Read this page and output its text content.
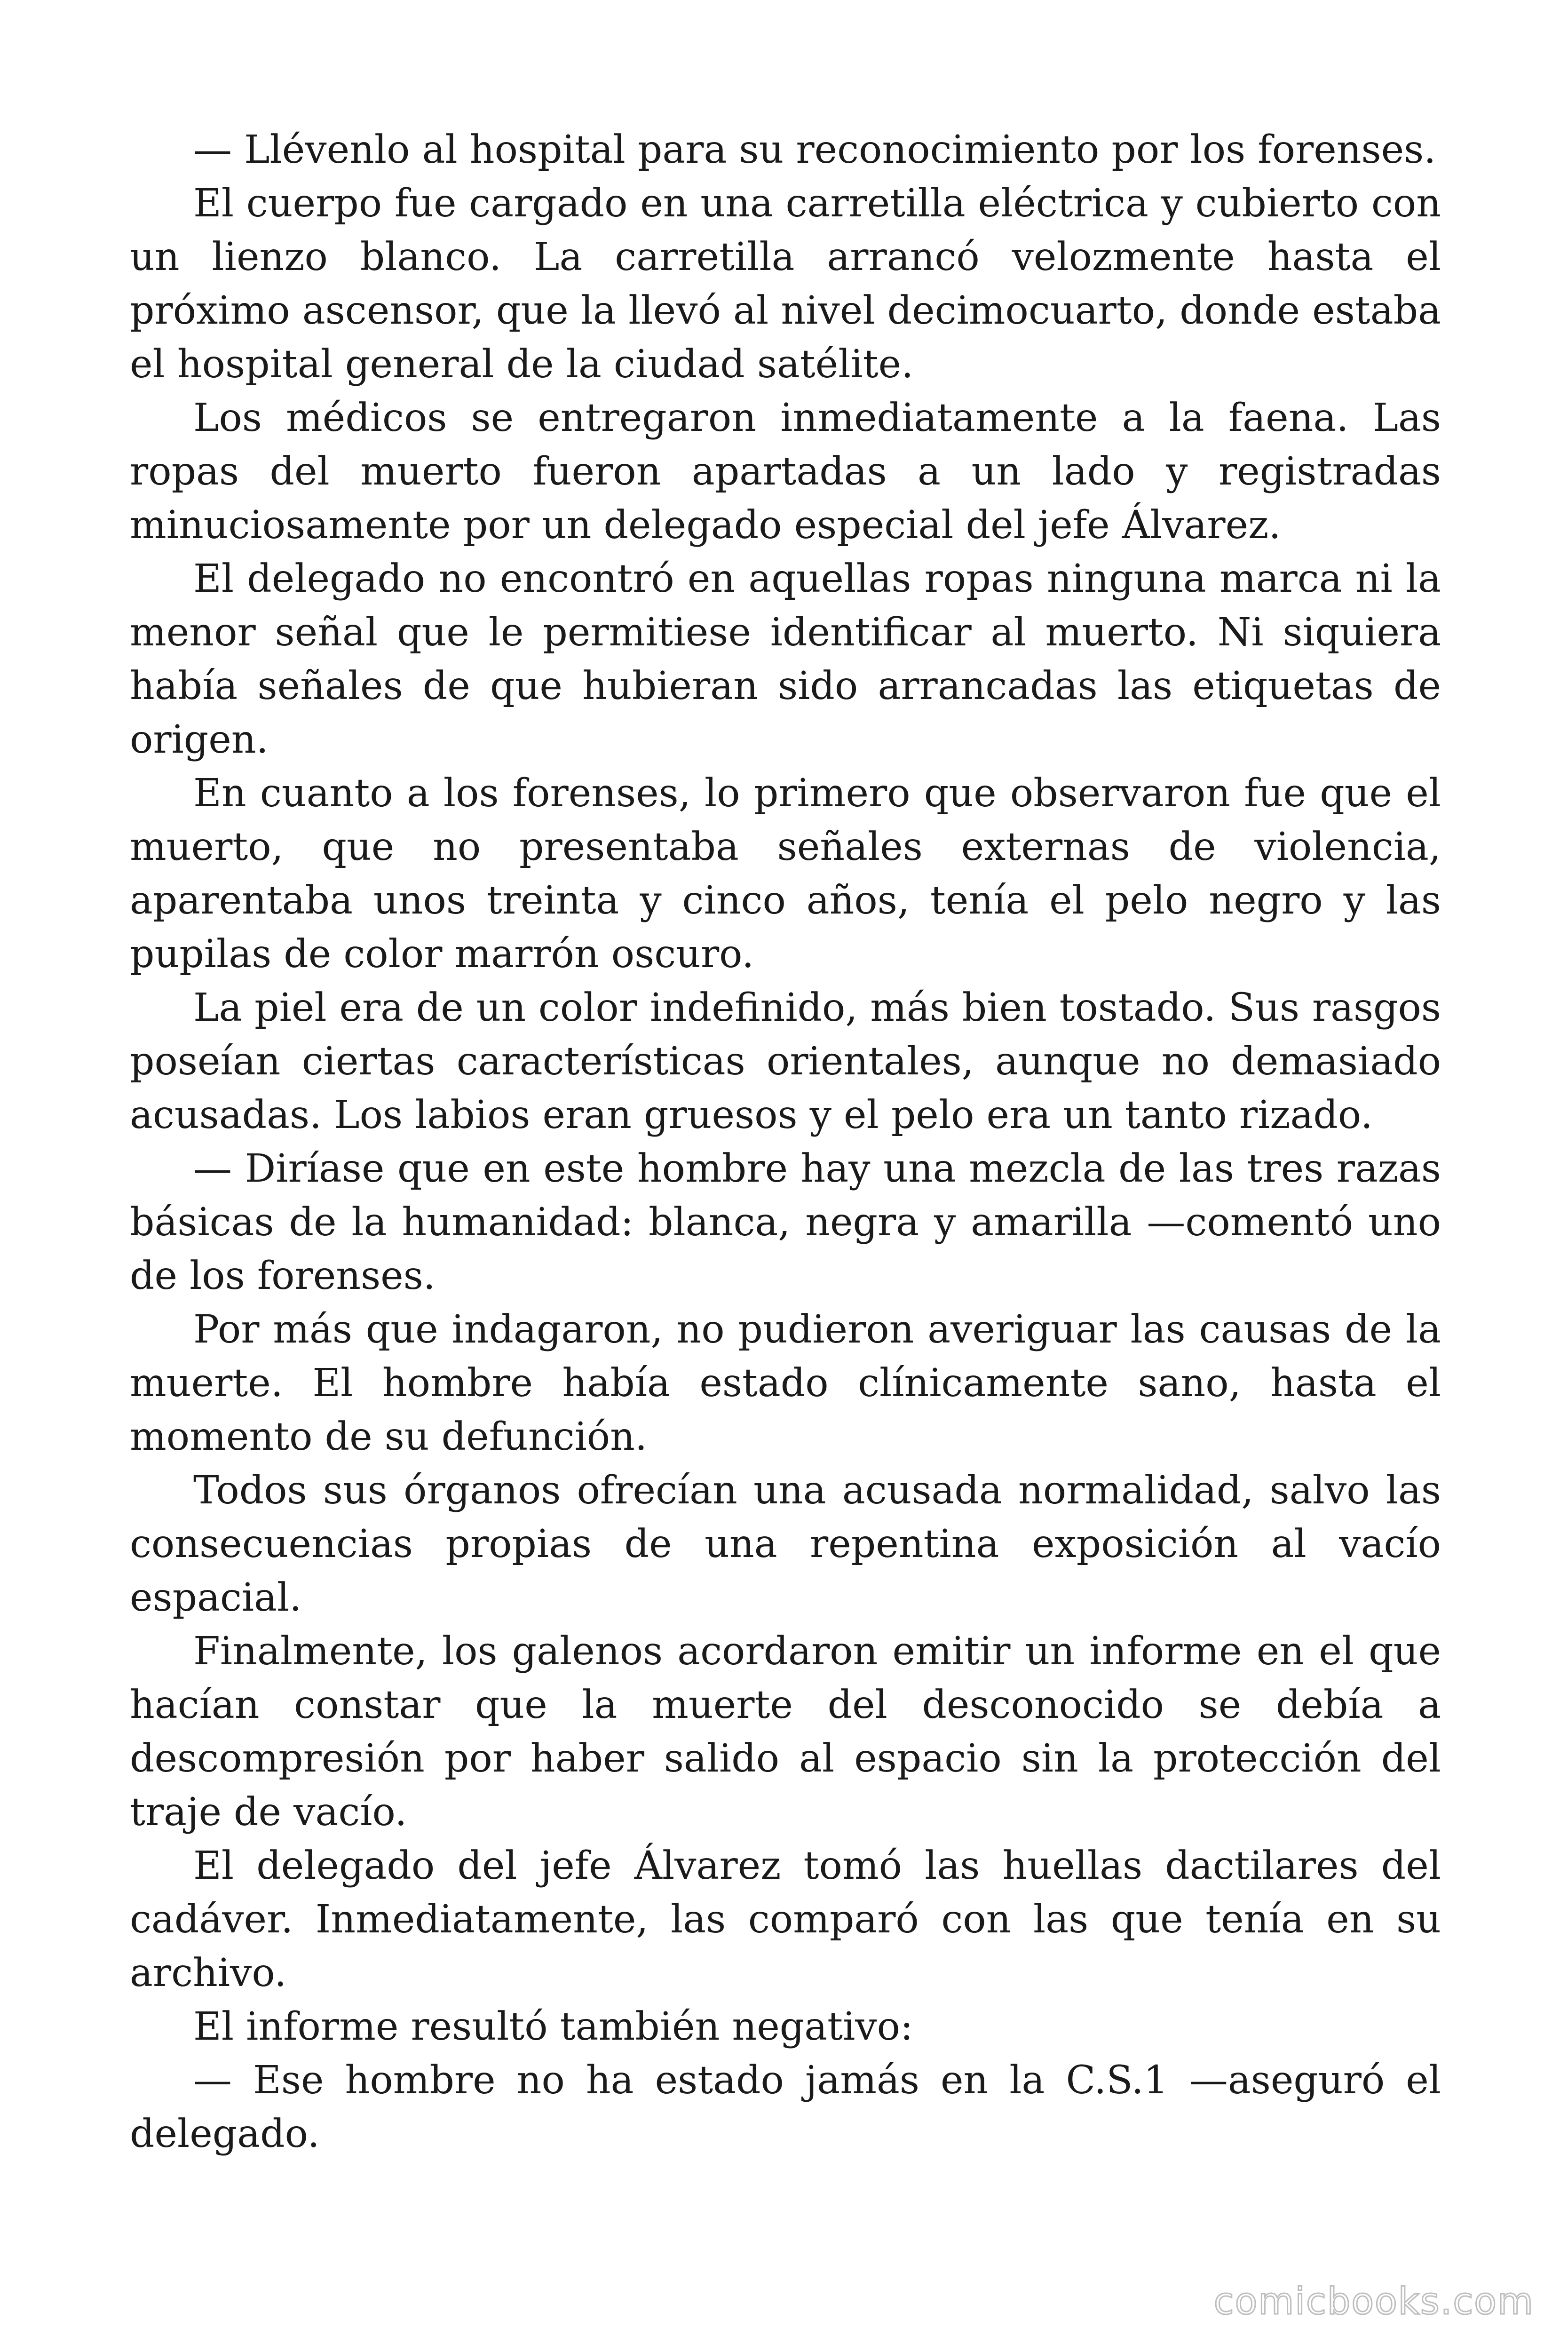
— Llévenlo al hospital para su reconocimiento por los forenses.

El cuerpo fue cargado en una carretilla eléctrica y cubierto con un lienzo blanco. La carretilla arrancó velozmente hasta el próximo ascensor, que la llevó al nivel decimocuarto, donde estaba el hospital general de la ciudad satélite.

Los médicos se entregaron inmediatamente a la faena. Las ropas del muerto fueron apartadas a un lado y registradas minuciosamente por un delegado especial del jefe Álvarez.

El delegado no encontró en aquellas ropas ninguna marca ni la menor señal que le permitiese identificar al muerto. Ni siquiera había señales de que hubieran sido arrancadas las etiquetas de origen.

En cuanto a los forenses, lo primero que observaron fue que el muerto, que no presentaba señales externas de violencia, aparentaba unos treinta y cinco años, tenía el pelo negro y las pupilas de color marrón oscuro.

La piel era de un color indefinido, más bien tostado. Sus rasgos poseían ciertas características orientales, aunque no demasiado acusadas. Los labios eran gruesos y el pelo era un tanto rizado.

— Diríase que en este hombre hay una mezcla de las tres razas básicas de la humanidad: blanca, negra y amarilla —comentó uno de los forenses.

Por más que indagaron, no pudieron averiguar las causas de la muerte. El hombre había estado clínicamente sano, hasta el momento de su defunción.

Todos sus órganos ofrecían una acusada normalidad, salvo las consecuencias propias de una repentina exposición al vacío espacial.

Finalmente, los galenos acordaron emitir un informe en el que hacían constar que la muerte del desconocido se debía a descompresión por haber salido al espacio sin la protección del traje de vacío.

El delegado del jefe Álvarez tomó las huellas dactilares del cadáver. Inmediatamente, las comparó con las que tenía en su archivo.

El informe resultó también negativo:

— Ese hombre no ha estado jamás en la C.S.1 —aseguró el delegado.

comicbooks.com
